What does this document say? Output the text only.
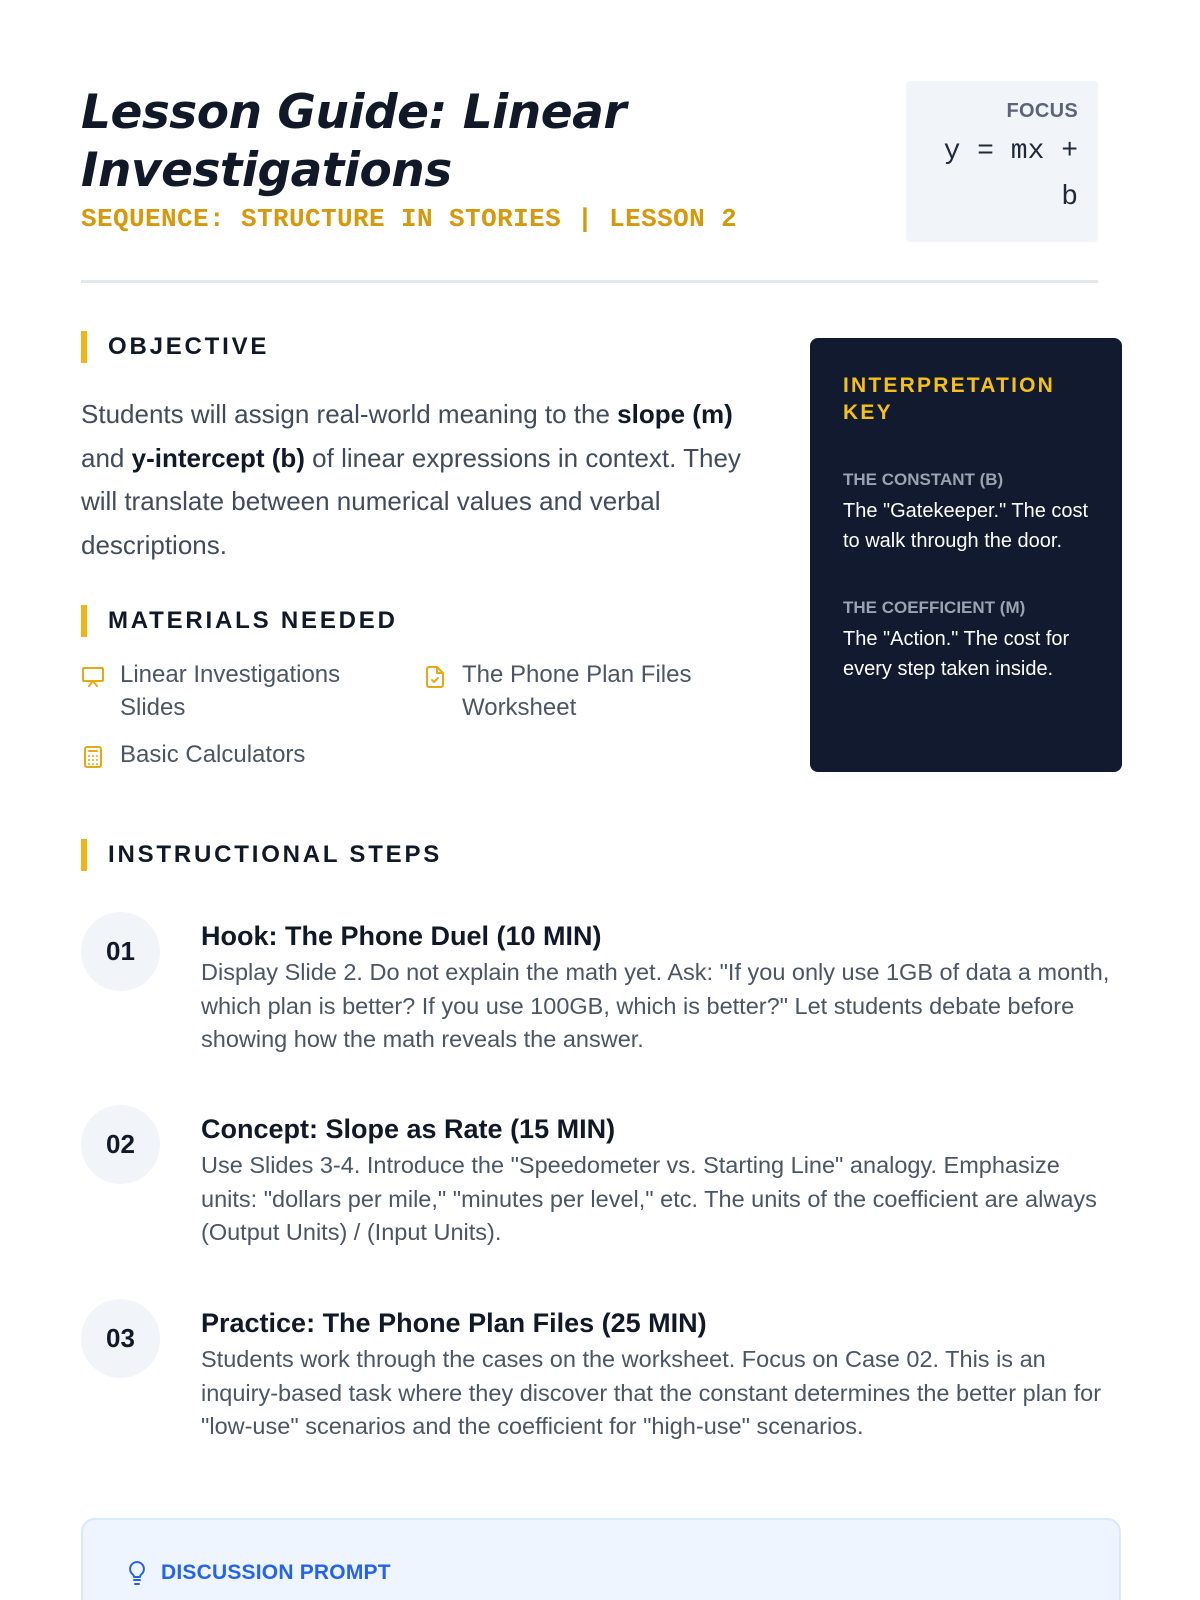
Lesson Guide: Linear Investigations
SEQUENCE: STRUCTURE IN STORIES | LESSON 2
FOCUS
y = mx + b
OBJECTIVE

Students will assign real-world meaning to the slope (m) and y-intercept (b) of linear expressions in context. They will translate between numerical values and verbal descriptions.

MATERIALS NEEDED
Linear Investigations Slides
The Phone Plan Files Worksheet
Basic Calculators
INTERPRETATION KEY
THE CONSTANT (B)
The "Gatekeeper." The cost to walk through the door.
THE COEFFICIENT (M)
The "Action." The cost for every step taken inside.
INSTRUCTIONAL STEPS
01	Hook: The Phone Duel (10 MIN)
Display Slide 2. Do not explain the math yet. Ask: "If you only use 1GB of data a month, which plan is better? If you use 100GB, which is better?" Let students debate before showing how the math reveals the answer.
02	Concept: Slope as Rate (15 MIN)
Use Slides 3-4. Introduce the "Speedometer vs. Starting Line" analogy. Emphasize units: "dollars per mile," "minutes per level," etc. The units of the coefficient are always (Output Units) / (Input Units).
03	Practice: The Phone Plan Files (25 MIN)
Students work through the cases on the worksheet. Focus on Case 02. This is an inquiry-based task where they discover that the constant determines the better plan for "low-use" scenarios and the coefficient for "high-use" scenarios.
DISCUSSION PROMPT
